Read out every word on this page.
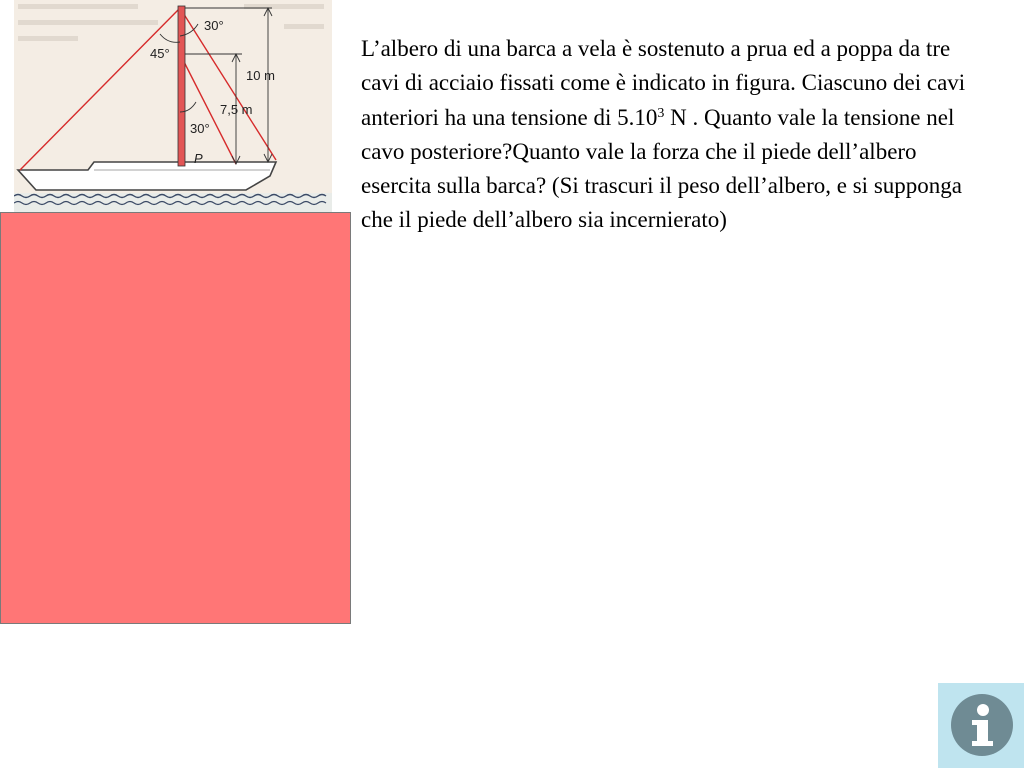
30°
45°
10 m
7,5 m
30°
P
L’albero di una barca a vela è sostenuto a prua ed a poppa da tre cavi di acciaio fissati come è indicato in figura. Ciascuno dei cavi anteriori ha una tensione di 5.10$^3$ N . Quanto vale la tensione nel cavo posteriore?Quanto vale la forza che il piede dell’albero esercita sulla barca? (Si trascuri il peso dell’albero, e si supponga che il piede dell’albero sia incernierato)
